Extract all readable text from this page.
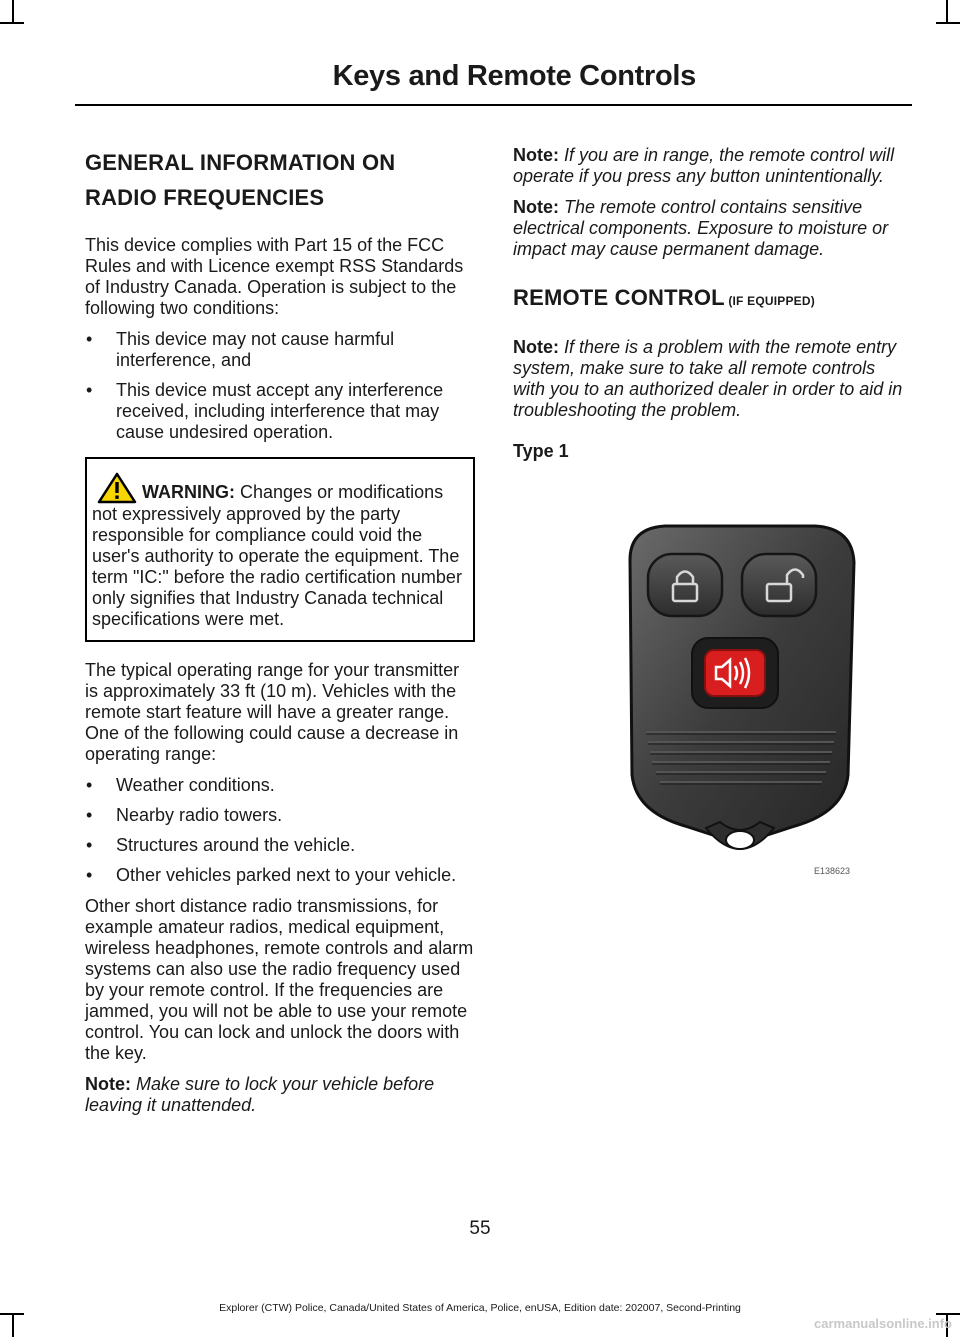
Keys and Remote Controls
GENERAL INFORMATION ON
RADIO FREQUENCIES

This device complies with Part 15 of the FCC Rules and with Licence exempt RSS Standards of Industry Canada. Operation is subject to the following two conditions:

• This device may not cause harmful interference, and
• This device must accept any interference received, including interference that may cause undesired operation.

WARNING: Changes or modifications not expressively approved by the party responsible for compliance could void the user's authority to operate the equipment. The term "IC:" before the radio certification number only signifies that Industry Canada technical specifications were met.

The typical operating range for your transmitter is approximately 33 ft (10 m). Vehicles with the remote start feature will have a greater range. One of the following could cause a decrease in operating range:

• Weather conditions.
• Nearby radio towers.
• Structures around the vehicle.
• Other vehicles parked next to your vehicle.

Other short distance radio transmissions, for example amateur radios, medical equipment, wireless headphones, remote controls and alarm systems can also use the radio frequency used by your remote control. If the frequencies are jammed, you will not be able to use your remote control. You can lock and unlock the doors with the key.

Note: Make sure to lock your vehicle before leaving it unattended.

Note: If you are in range, the remote control will operate if you press any button unintentionally.

Note: The remote control contains sensitive electrical components. Exposure to moisture or impact may cause permanent damage.

REMOTE CONTROL (IF EQUIPPED)

Note: If there is a problem with the remote entry system, make sure to take all remote controls with you to an authorized dealer in order to aid in troubleshooting the problem.

Type 1

E138623
55
Explorer (CTW) Police, Canada/United States of America, Police, enUSA, Edition date: 202007, Second-Printing
carmanualsonline.info
